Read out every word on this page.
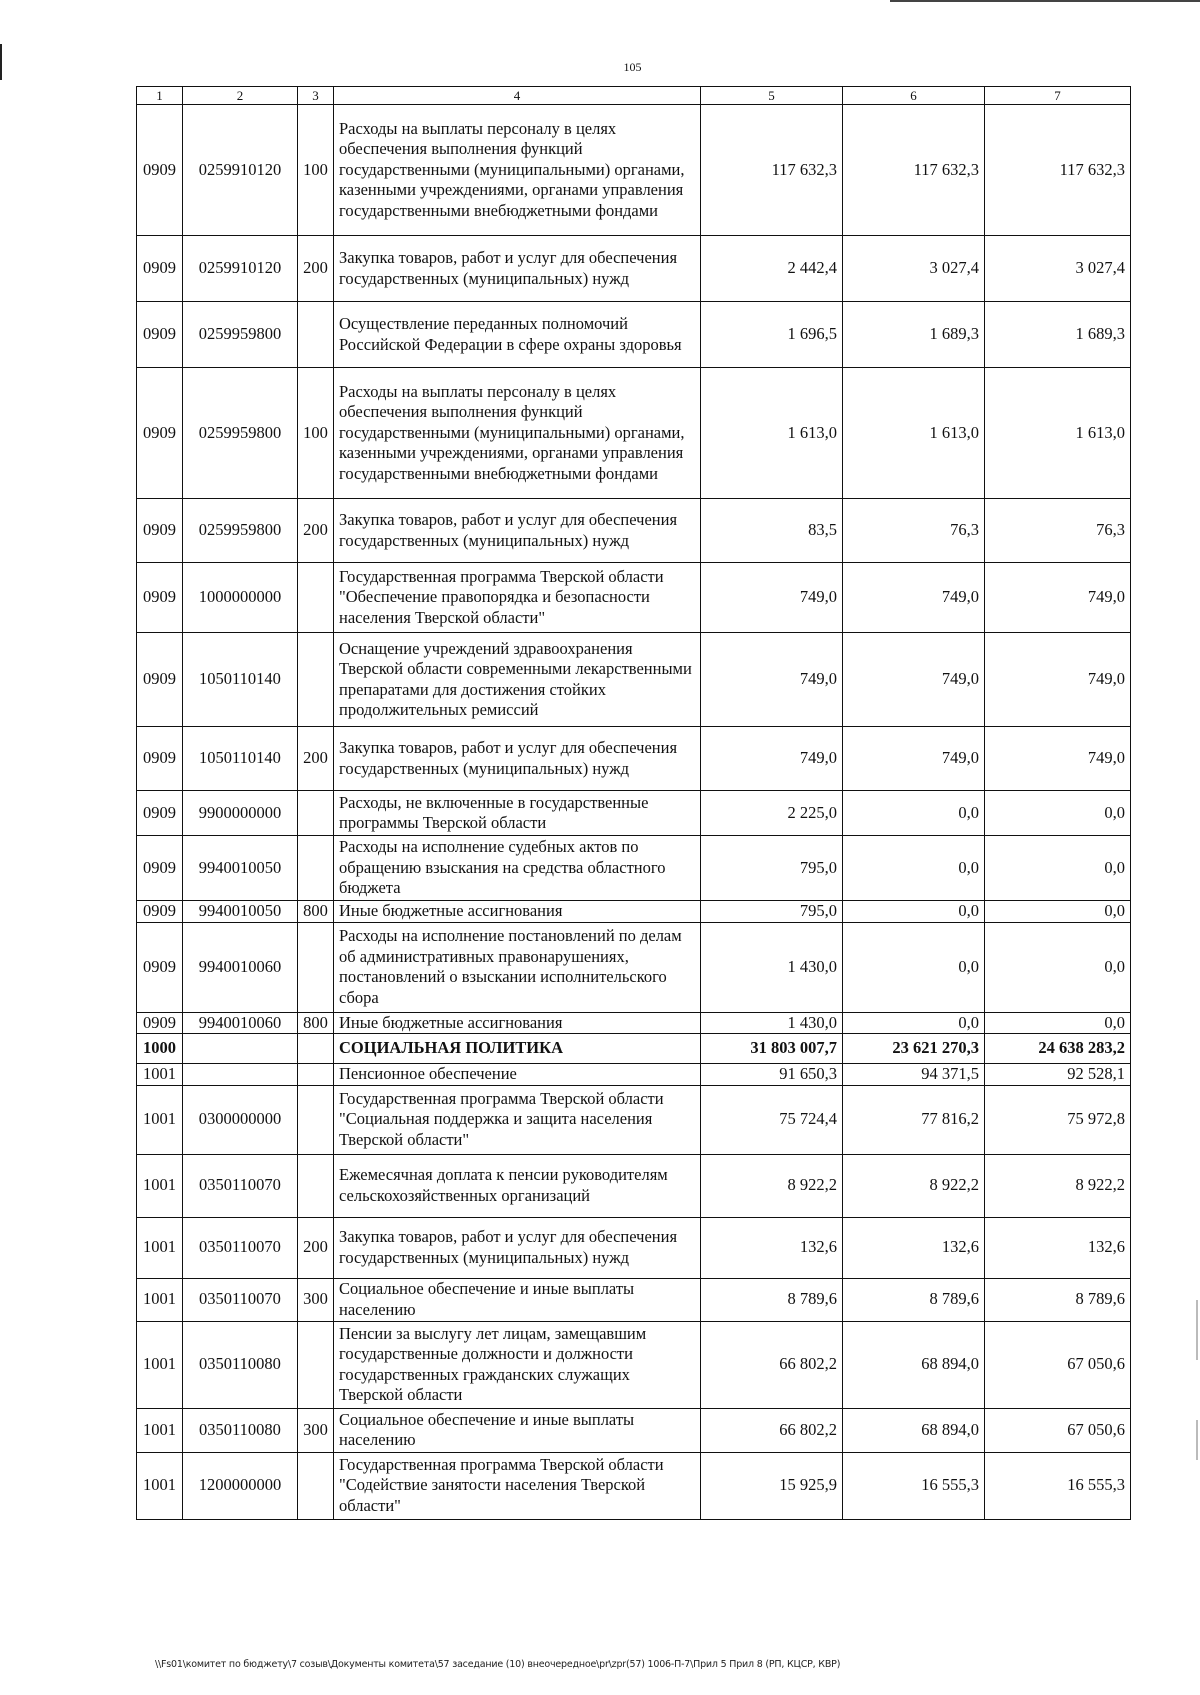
105
1	2	3	4	5	6	7
0909	0259910120	100	Расходы на выплаты персоналу в целях обеспечения выполнения функций государственными (муниципальными) органами, казенными учреждениями, органами управления государственными внебюджетными фондами	117 632,3	117 632,3	117 632,3
0909	0259910120	200	Закупка товаров, работ и услуг для обеспечения государственных (муниципальных) нужд	2 442,4	3 027,4	3 027,4
0909	0259959800		Осуществление переданных полномочий Российской Федерации в сфере охраны здоровья	1 696,5	1 689,3	1 689,3
0909	0259959800	100	Расходы на выплаты персоналу в целях обеспечения выполнения функций государственными (муниципальными) органами, казенными учреждениями, органами управления государственными внебюджетными фондами	1 613,0	1 613,0	1 613,0
0909	0259959800	200	Закупка товаров, работ и услуг для обеспечения государственных (муниципальных) нужд	83,5	76,3	76,3
0909	1000000000		Государственная программа Тверской области "Обеспечение правопорядка и безопасности населения Тверской области"	749,0	749,0	749,0
0909	1050110140		Оснащение учреждений здравоохранения Тверской области современными лекарственными препаратами для достижения стойких продолжительных ремиссий	749,0	749,0	749,0
0909	1050110140	200	Закупка товаров, работ и услуг для обеспечения государственных (муниципальных) нужд	749,0	749,0	749,0
0909	9900000000		Расходы, не включенные в государственные программы Тверской области	2 225,0	0,0	0,0
0909	9940010050		Расходы на исполнение судебных актов по обращению взыскания на средства областного бюджета	795,0	0,0	0,0
0909	9940010050	800	Иные бюджетные ассигнования	795,0	0,0	0,0
0909	9940010060		Расходы на исполнение постановлений по делам об административных правонарушениях, постановлений о взыскании исполнительского сбора	1 430,0	0,0	0,0
0909	9940010060	800	Иные бюджетные ассигнования	1 430,0	0,0	0,0
1000			СОЦИАЛЬНАЯ ПОЛИТИКА	31 803 007,7	23 621 270,3	24 638 283,2
1001			Пенсионное обеспечение	91 650,3	94 371,5	92 528,1
1001	0300000000		Государственная программа Тверской области "Социальная поддержка и защита населения Тверской области"	75 724,4	77 816,2	75 972,8
1001	0350110070		Ежемесячная доплата к пенсии руководителям сельскохозяйственных организаций	8 922,2	8 922,2	8 922,2
1001	0350110070	200	Закупка товаров, работ и услуг для обеспечения государственных (муниципальных) нужд	132,6	132,6	132,6
1001	0350110070	300	Социальное обеспечение и иные выплаты населению	8 789,6	8 789,6	8 789,6
1001	0350110080		Пенсии за выслугу лет лицам, замещавшим государственные должности и должности государственных гражданских служащих Тверской области	66 802,2	68 894,0	67 050,6
1001	0350110080	300	Социальное обеспечение и иные выплаты населению	66 802,2	68 894,0	67 050,6
1001	1200000000		Государственная программа Тверской области "Содействие занятости населения Тверской области"	15 925,9	16 555,3	16 555,3
\\Fs01\комитет по бюджету\7 созыв\Документы комитета\57 заседание (10) внеочередное\pr\zpr(57) 1006-П-7\Прил 5 Прил 8 (РП, КЦСР, КВР)
